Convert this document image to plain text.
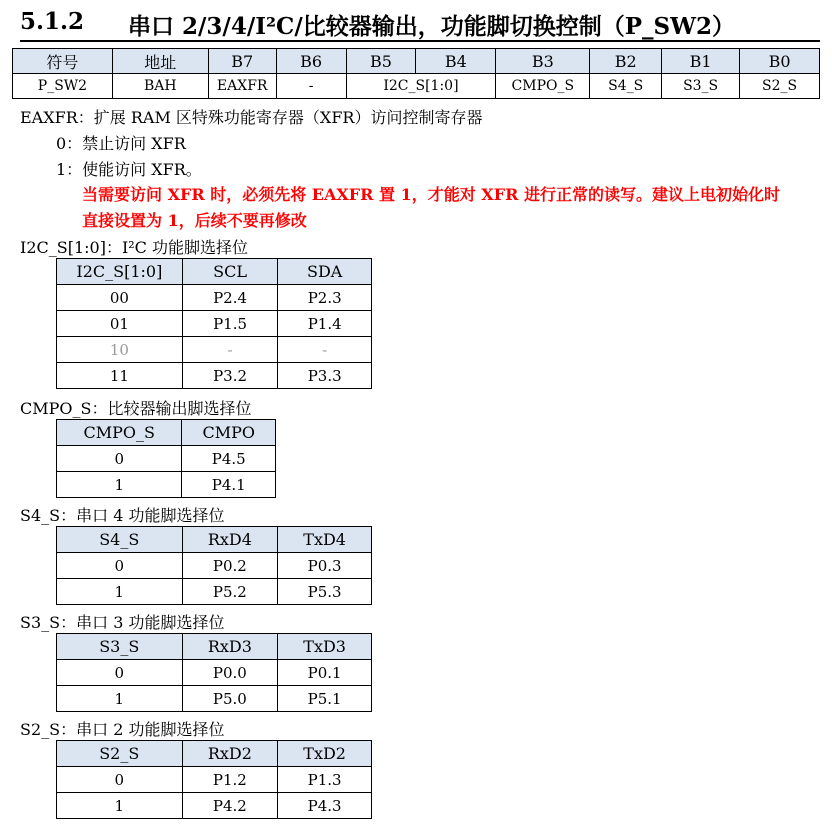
5.1.2 串口 2/3/4/I²C/比较器输出，功能脚切换控制（P_SW2）
符号	地址	B7	B6	B5	B4	B3	B2	B1	B0
P_SW2	BAH	EAXFR	-	I2C_S[1:0]		CMPO_S	S4_S	S3_S	S2_S
EAXFR：扩展 RAM 区特殊功能寄存器（XFR）访问控制寄存器
0：禁止访问 XFR
1：使能访问 XFR。
当需要访问 XFR 时，必须先将 EAXFR 置 1，才能对 XFR 进行正常的读写。建议上电初始化时
直接设置为 1，后续不要再修改
I2C_S[1:0]：I²C 功能脚选择位
I2C_S[1:0]	SCL	SDA
00	P2.4	P2.3
01	P1.5	P1.4
10	-	-
11	P3.2	P3.3
CMPO_S：比较器输出脚选择位
CMPO_S	CMPO
0	P4.5
1	P4.1
S4_S：串口 4 功能脚选择位
S4_S	RxD4	TxD4
0	P0.2	P0.3
1	P5.2	P5.3
S3_S：串口 3 功能脚选择位
S3_S	RxD3	TxD3
0	P0.0	P0.1
1	P5.0	P5.1
S2_S：串口 2 功能脚选择位
S2_S	RxD2	TxD2
0	P1.2	P1.3
1	P4.2	P4.3
